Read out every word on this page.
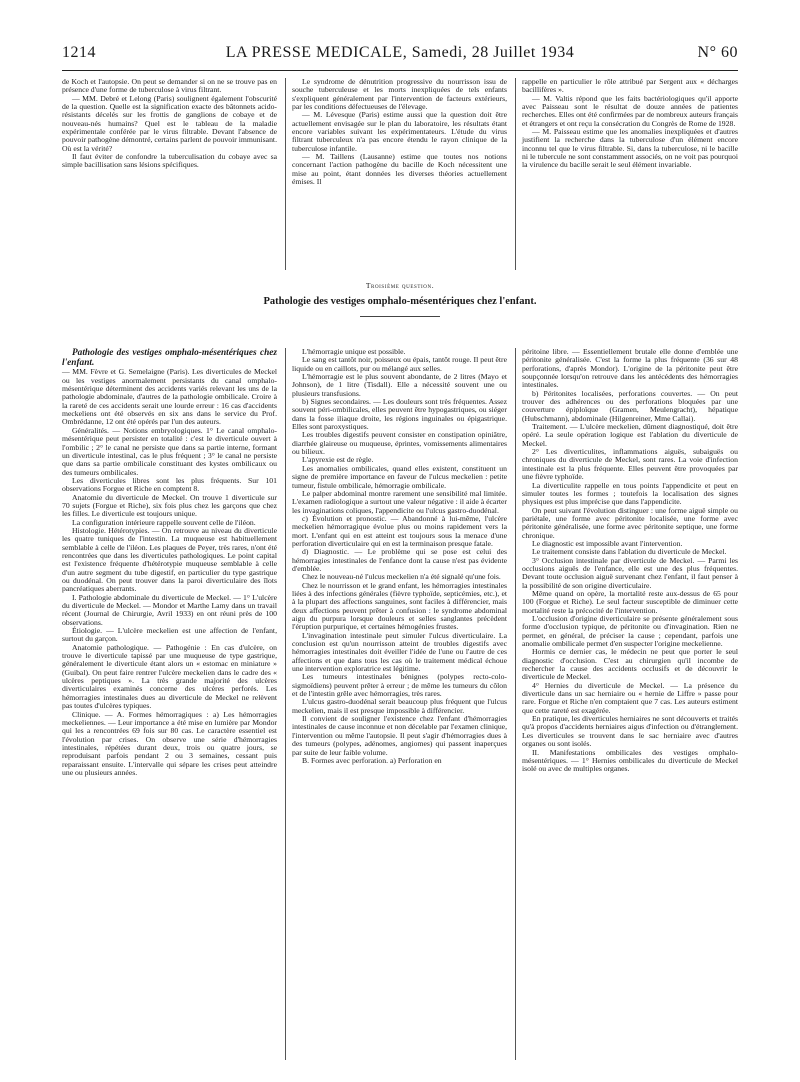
1214	LA PRESSE MEDICALE, Samedi, 28 Juillet 1934	N° 60

de Koch et l'autopsie. On peut se demander si on ne se trouve pas en présence d'une forme de tuberculose à virus filtrant.

— MM. Debré et Lelong (Paris) soulignent également l'obscurité de la question. Quelle est la signification exacte des bâtonnets acido-résistants décelés sur les frottis de ganglions de cobaye et de nouveau-nés humains? Quel est le tableau de la maladie expérimentale conférée par le virus filtrable. Devant l'absence de pouvoir pathogène démontré, certains parlent de pouvoir immunisant. Où est la vérité?

Il faut éviter de confondre la tuberculisation du cobaye avec sa simple bacillisation sans lésions spécifiques.

Le syndrome de dénutrition progressive du nourrisson issu de souche tuberculeuse et les morts inexpliquées de tels enfants s'expliquent généralement par l'intervention de facteurs extérieurs, par les conditions défectueuses de l'élevage.

— M. Lévesque (Paris) estime aussi que la question doit être actuellement envisagée sur le plan du laboratoire, les résultats étant encore variables suivant les expérimentateurs. L'étude du virus filtrant tuberculeux n'a pas encore étendu le rayon clinique de la tuberculose infantile.

— M. Taillens (Lausanne) estime que toutes nos notions concernant l'action pathogène du bacille de Koch nécessitent une mise au point, étant données les diverses théories actuellement émises. Il

rappelle en particulier le rôle attribué par Sergent aux « décharges bacillifères ».

— M. Valtis répond que les faits bactériologiques qu'il apporte avec Paisseau sont le résultat de douze années de patientes recherches. Elles ont été confirmées par de nombreux auteurs français et étrangers et ont reçu la consécration du Congrès de Rome de 1928.

— M. Paisseau estime que les anomalies inexpliquées et d'autres justifient la recherche dans la tuberculose d'un élément encore inconnu tel que le virus filtrable. Si, dans la tuberculose, ni le bacille ni le tubercule ne sont constamment associés, on ne voit pas pourquoi la virulence du bacille serait le seul élément invariable.

Troisième question.
Pathologie des vestiges omphalo-mésentériques chez l'enfant.

Pathologie des vestiges omphalo-mésentériques chez l'enfant.

— MM. Fèvre et G. Semelaigne (Paris). Les diverticules de Meckel ou les vestiges anormalement persistants du canal omphalo-mésentérique déterminent des accidents variés relevant les uns de la pathologie abdominale, d'autres de la pathologie ombilicale. Croire à la rareté de ces accidents serait une lourde erreur : 16 cas d'accidents meckeliens ont été observés en six ans dans le service du Prof. Ombrédanne, 12 ont été opérés par l'un des auteurs.

Généralités. — Notions embryologiques. 1° Le canal omphalo-mésentérique peut persister en totalité : c'est le diverticule ouvert à l'ombilic ; 2° le canal ne persiste que dans sa partie interne, formant un diverticule intestinal, cas le plus fréquent ; 3° le canal ne persiste que dans sa partie ombilicale constituant des kystes ombilicaux ou des tumeurs ombilicales.

Les diverticules libres sont les plus fréquents. Sur 101 observations Forgue et Riche en comptent 8.

Anatomie du diverticule de Meckel. On trouve 1 diverticule sur 70 sujets (Forgue et Riche), six fois plus chez les garçons que chez les filles. Le diverticule est toujours unique.

La configuration intérieure rappelle souvent celle de l'iléon.

Histologie. Hétérotypies. — On retrouve au niveau du diverticule les quatre tuniques de l'intestin. La muqueuse est habituellement semblable à celle de l'iléon. Les plaques de Peyer, très rares, n'ont été rencontrées que dans les diverticules pathologiques. Le point capital est l'existence fréquente d'hétérotypie muqueuse semblable à celle d'un autre segment du tube digestif, en particulier du type gastrique ou duodénal. On peut trouver dans la paroi diverticulaire des îlots pancréatiques aberrants.

I. Pathologie abdominale du diverticule de Meckel. — 1° L'ulcère du diverticule de Meckel. — Mondor et Marthe Lamy dans un travail récent (Journal de Chirurgie, Avril 1933) en ont réuni près de 100 observations.

Étiologie. — L'ulcère meckelien est une affection de l'enfant, surtout du garçon.

Anatomie pathologique. — Pathogénie : En cas d'ulcère, on trouve le diverticule tapissé par une muqueuse de type gastrique, généralement le diverticule étant alors un « estomac en miniature » (Guibal). On peut faire rentrer l'ulcère meckelien dans le cadre des « ulcères peptiques ». La très grande majorité des ulcères diverticulaires examinés concerne des ulcères perforés. Les hémorragies intestinales dues au diverticule de Meckel ne relèvent pas toutes d'ulcères typiques.

Clinique. — A. Formes hémorragiques : a) Les hémorragies meckeliennes. — Leur importance a été mise en lumière par Mondor qui les a rencontrées 69 fois sur 80 cas. Le caractère essentiel est l'évolution par crises. On observe une série d'hémorragies intestinales, répétées durant deux, trois ou quatre jours, se reproduisant parfois pendant 2 ou 3 semaines, cessant puis reparaissant ensuite. L'intervalle qui sépare les crises peut atteindre une ou plusieurs années.

L'hémorragie unique est possible.

Le sang est tantôt noir, poisseux ou épais, tantôt rouge. Il peut être liquide ou en caillots, pur ou mélangé aux selles.

L'hémorragie est le plus souvent abondante, de 2 litres (Mayo et Johnson), de 1 litre (Tisdall). Elle a nécessité souvent une ou plusieurs transfusions.

b) Signes secondaires. — Les douleurs sont très fréquentes. Assez souvent péri-ombilicales, elles peuvent être hypogastriques, ou siéger dans la fosse iliaque droite, les régions inguinales ou épigastrique. Elles sont paroxystiques.

Les troubles digestifs peuvent consister en constipation opiniâtre, diarrhée glaireuse ou muqueuse, éprintes, vomissements alimentaires ou bilieux.

L'apyrexie est de règle.

Les anomalies ombilicales, quand elles existent, constituent un signe de première importance en faveur de l'ulcus meckelien : petite tumeur, fistule ombilicale, hémorragie ombilicale.

Le palper abdominal montre rarement une sensibilité mal limitée. L'examen radiologique a surtout une valeur négative : il aide à écarter les invaginations coliques, l'appendicite ou l'ulcus gastro-duodénal.

c) Évolution et pronostic. — Abandonné à lui-même, l'ulcère meckelien hémorragique évolue plus ou moins rapidement vers la mort. L'enfant qui en est atteint est toujours sous la menace d'une perforation diverticulaire qui en est la terminaison presque fatale.

d) Diagnostic. — Le problème qui se pose est celui des hémorragies intestinales de l'enfance dont la cause n'est pas évidente d'emblée.

Chez le nouveau-né l'ulcus meckelien n'a été signalé qu'une fois.

Chez le nourrisson et le grand enfant, les hémorragies intestinales liées à des infections générales (fièvre typhoïde, septicémies, etc.), et à la plupart des affections sanguines, sont faciles à différencier, mais deux affections peuvent prêter à confusion : le syndrome abdominal aigu du purpura lorsque douleurs et selles sanglantes précèdent l'éruption purpurique, et certaines hémogénies frustes.

L'invagination intestinale peut simuler l'ulcus diverticulaire. La conclusion est qu'un nourrisson atteint de troubles digestifs avec hémorragies intestinales doit éveiller l'idée de l'une ou l'autre de ces affections et que dans tous les cas où le traitement médical échoue une intervention exploratrice est légitime.

Les tumeurs intestinales bénignes (polypes recto-colo-sigmoïdiens) peuvent prêter à erreur ; de même les tumeurs du côlon et de l'intestin grêle avec hémorragies, très rares.

L'ulcus gastro-duodénal serait beaucoup plus fréquent que l'ulcus meckelien, mais il est presque impossible à différencier.

Il convient de souligner l'existence chez l'enfant d'hémorragies intestinales de cause inconnue et non décelable par l'examen clinique, l'intervention ou même l'autopsie. Il peut s'agir d'hémorragies dues à des tumeurs (polypes, adénomes, angiomes) qui passent inaperçues par suite de leur faible volume.

B. Formes avec perforation. a) Perforation en

péritoine libre. — Essentiellement brutale elle donne d'emblée une péritonite généralisée. C'est la forme la plus fréquente (36 sur 48 perforations, d'après Mondor). L'origine de la péritonite peut être soupçonnée lorsqu'on retrouve dans les antécédents des hémorragies intestinales.

b) Péritonites localisées, perforations couvertes. — On peut trouver des adhérences ou des perforations bloquées par une couverture épiploïque (Gramen, Meulengracht), hépatique (Hubschmann), abdominale (Hilgenreiner, Mme Callai).

Traitement. — L'ulcère meckelien, dûment diagnostiqué, doit être opéré. La seule opération logique est l'ablation du diverticule de Meckel.

2° Les diverticulites, inflammations aiguës, subaiguës ou chroniques du diverticule de Meckel, sont rares. La voie d'infection intestinale est la plus fréquente. Elles peuvent être provoquées par une fièvre typhoïde.

La diverticulite rappelle en tous points l'appendicite et peut en simuler toutes les formes ; toutefois la localisation des signes physiques est plus imprécise que dans l'appendicite.

On peut suivant l'évolution distinguer : une forme aiguë simple ou pariétale, une forme avec péritonite localisée, une forme avec péritonite généralisée, une forme avec péritonite septique, une forme chronique.

Le diagnostic est impossible avant l'intervention.

Le traitement consiste dans l'ablation du diverticule de Meckel.

3° Occlusion intestinale par diverticule de Meckel. — Parmi les occlusions aiguës de l'enfance, elle est une des plus fréquentes. Devant toute occlusion aiguë survenant chez l'enfant, il faut penser à la possibilité de son origine diverticulaire.

Même quand on opère, la mortalité reste aux-dessus de 65 pour 100 (Forgue et Riche). Le seul facteur susceptible de diminuer cette mortalité reste la précocité de l'intervention.

L'occlusion d'origine diverticulaire se présente généralement sous forme d'occlusion typique, de péritonite ou d'invagination. Rien ne permet, en général, de préciser la cause ; cependant, parfois une anomalie ombilicale permet d'en suspecter l'origine meckelienne.

Hormis ce dernier cas, le médecin ne peut que porter le seul diagnostic d'occlusion. C'est au chirurgien qu'il incombe de rechercher la cause des accidents occlusifs et de découvrir le diverticule de Meckel.

4° Hernies du diverticule de Meckel. — La présence du diverticule dans un sac herniaire ou « hernie de Liffre » passe pour rare. Forgue et Riche n'en comptaient que 7 cas. Les auteurs estiment que cette rareté est exagérée.

En pratique, les diverticules herniaires ne sont découverts et traités qu'à propos d'accidents herniaires aigus d'infection ou d'étranglement. Les diverticules se trouvent dans le sac herniaire avec d'autres organes ou sont isolés.

II. Manifestations ombilicales des vestiges omphalo-mésentériques. — 1° Hernies ombilicales du diverticule de Meckel isolé ou avec de multiples organes.
